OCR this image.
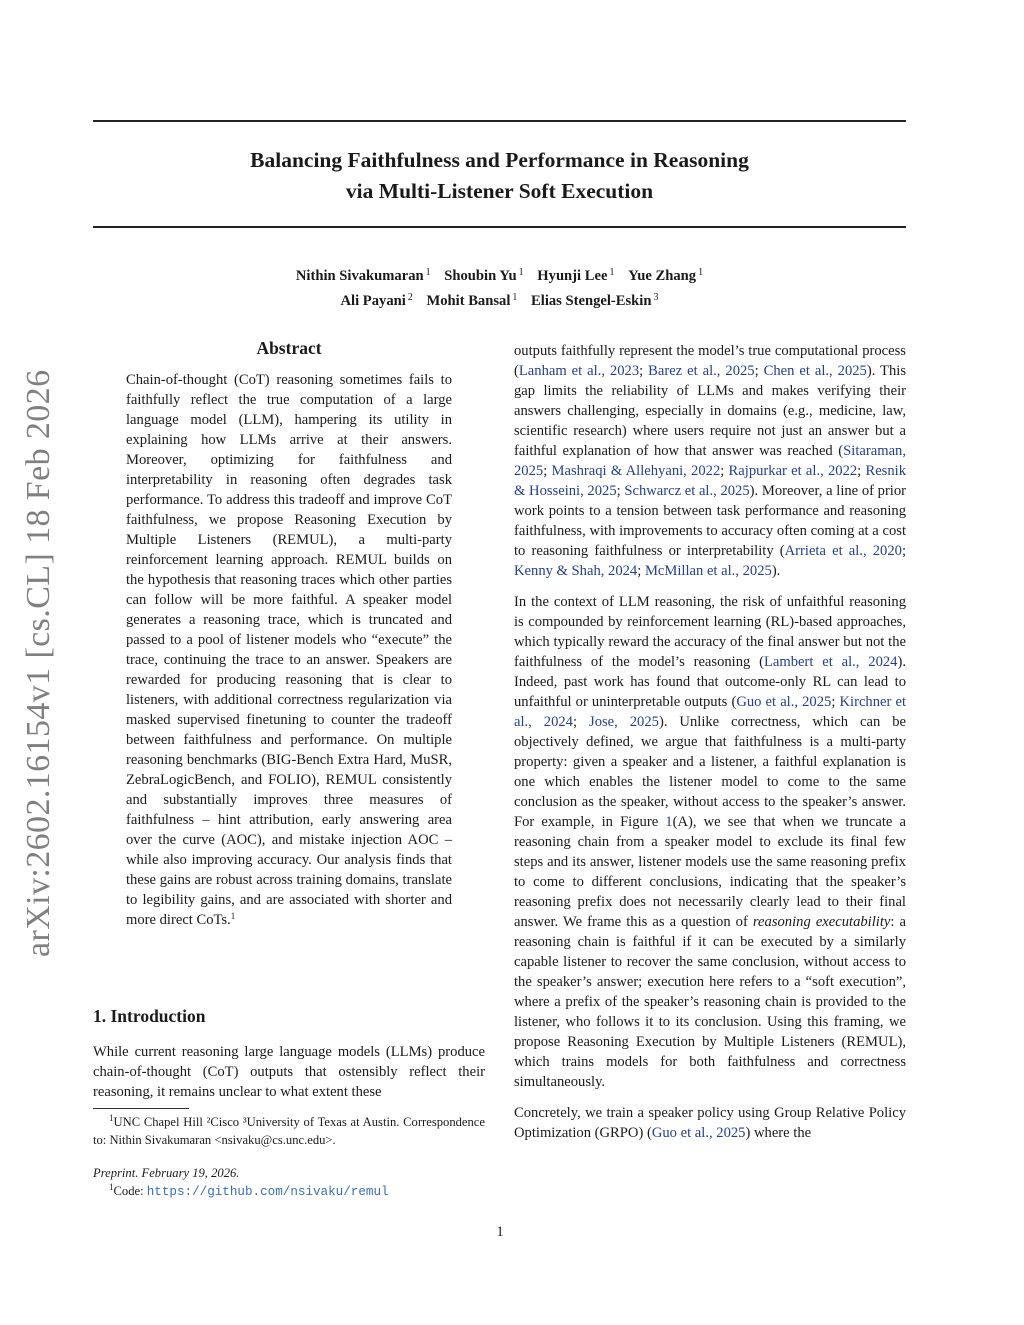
Balancing Faithfulness and Performance in Reasoning
via Multi-Listener Soft Execution
Nithin Sivakumaran $^1$ Shoubin Yu $^1$ Hyunji Lee $^1$ Yue Zhang $^1$
Ali Payani $^2$ Mohit Bansal $^1$ Elias Stengel-Eskin $^3$
arXiv:2602.16154v1 [cs.CL] 18 Feb 2026
Abstract
Chain-of-thought (CoT) reasoning sometimes fails to faithfully reflect the true computation of a large language model (LLM), hampering its utility in explaining how LLMs arrive at their answers. Moreover, optimizing for faithfulness and interpretability in reasoning often degrades task performance. To address this tradeoff and improve CoT faithfulness, we propose Reasoning Execution by Multiple Listeners (REMUL), a multi-party reinforcement learning approach. REMUL builds on the hypothesis that reasoning traces which other parties can follow will be more faithful. A speaker model generates a reasoning trace, which is truncated and passed to a pool of listener models who “execute” the trace, continuing the trace to an answer. Speakers are rewarded for producing reasoning that is clear to listeners, with additional correctness regularization via masked supervised finetuning to counter the tradeoff between faithfulness and performance. On multiple reasoning benchmarks (BIG-Bench Extra Hard, MuSR, ZebraLogicBench, and FOLIO), REMUL consistently and substantially improves three measures of faithfulness – hint attribution, early answering area over the curve (AOC), and mistake injection AOC – while also improving accuracy. Our analysis finds that these gains are robust across training domains, translate to legibility gains, and are associated with shorter and more direct CoTs.$^1$
1. Introduction
While current reasoning large language models (LLMs) produce chain-of-thought (CoT) outputs that ostensibly reflect their reasoning, it remains unclear to what extent these
$^1$UNC Chapel Hill ²Cisco ³University of Texas at Austin. Correspondence to: Nithin Sivakumaran <nsivaku@cs.unc.edu>.
Preprint. February 19, 2026.
$^1$Code: https://github.com/nsivaku/remul

outputs faithfully represent the model’s true computational process (Lanham et al., 2023; Barez et al., 2025; Chen et al., 2025). This gap limits the reliability of LLMs and makes verifying their answers challenging, especially in domains (e.g., medicine, law, scientific research) where users require not just an answer but a faithful explanation of how that answer was reached (Sitaraman, 2025; Mashraqi & Allehyani, 2022; Rajpurkar et al., 2022; Resnik & Hosseini, 2025; Schwarcz et al., 2025). Moreover, a line of prior work points to a tension between task performance and reasoning faithfulness, with improvements to accuracy often coming at a cost to reasoning faithfulness or interpretability (Arrieta et al., 2020; Kenny & Shah, 2024; McMillan et al., 2025).

In the context of LLM reasoning, the risk of unfaithful reasoning is compounded by reinforcement learning (RL)-based approaches, which typically reward the accuracy of the final answer but not the faithfulness of the model’s reasoning (Lambert et al., 2024). Indeed, past work has found that outcome-only RL can lead to unfaithful or uninterpretable outputs (Guo et al., 2025; Kirchner et al., 2024; Jose, 2025). Unlike correctness, which can be objectively defined, we argue that faithfulness is a multi-party property: given a speaker and a listener, a faithful explanation is one which enables the listener model to come to the same conclusion as the speaker, without access to the speaker’s answer. For example, in Figure 1(A), we see that when we truncate a reasoning chain from a speaker model to exclude its final few steps and its answer, listener models use the same reasoning prefix to come to different conclusions, indicating that the speaker’s reasoning prefix does not necessarily clearly lead to their final answer. We frame this as a question of reasoning executability: a reasoning chain is faithful if it can be executed by a similarly capable listener to recover the same conclusion, without access to the speaker’s answer; execution here refers to a “soft execution”, where a prefix of the speaker’s reasoning chain is provided to the listener, who follows it to its conclusion. Using this framing, we propose Reasoning Execution by Multiple Listeners (REMUL), which trains models for both faithfulness and correctness simultaneously.

Concretely, we train a speaker policy using Group Relative Policy Optimization (GRPO) (Guo et al., 2025) where the

1
